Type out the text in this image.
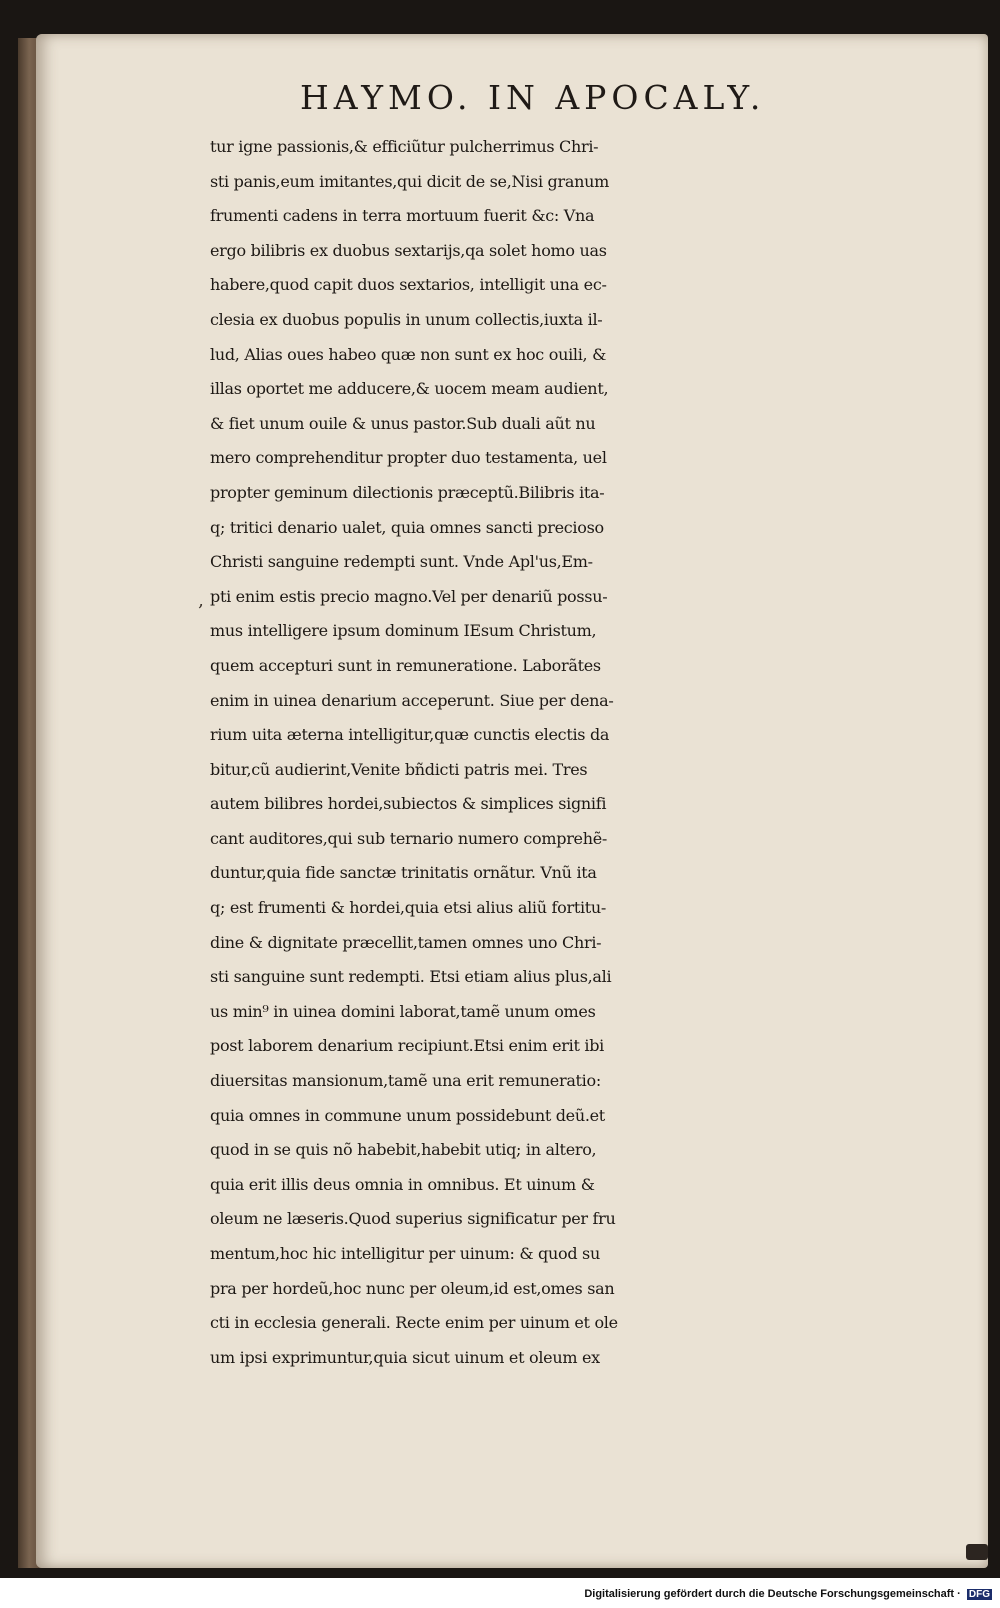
HAYMO. IN APOCALY.
‚
tur igne passionis,& efficiũtur pulcherrimus Chri‑
sti panis,eum imitantes,qui dicit de se,Nisi granum
frumenti cadens in terra mortuum fuerit &c: Vna
ergo bilibris ex duobus sextarijs,qa solet homo uas
habere,quod capit duos sextarios, intelligit una ec‑
clesia ex duobus populis in unum collectis,iuxta il‑
lud, Alias oues habeo quæ non sunt ex hoc ouili, &
illas oportet me adducere,& uocem meam audient,
& fiet unum ouile & unus pastor.Sub duali aũt nu
mero comprehenditur propter duo testamenta, uel
propter geminum dilectionis præceptũ.Bilibris ita‑
q; tritici denario ualet, quia omnes sancti precioso
Christi sanguine redempti sunt. Vnde Apl'us,Em‑
pti enim estis precio magno.Vel per denariũ possu‑
mus intelligere ipsum dominum IEsum Christum,
quem accepturi sunt in remuneratione. Laborãtes
enim in uinea denarium acceperunt. Siue per dena‑
rium uita æterna intelligitur,quæ cunctis electis da
bitur,cũ audierint,Venite bñdicti patris mei. Tres
autem bilibres hordei,subiectos & simplices signifi
cant auditores,qui sub ternario numero comprehẽ‑
duntur,quia fide sanctæ trinitatis ornãtur. Vnũ ita
q; est frumenti & hordei,quia etsi alius aliũ fortitu‑
dine & dignitate præcellit,tamen omnes uno Chri‑
sti sanguine sunt redempti. Etsi etiam alius plus,ali
us min⁹ in uinea domini laborat,tamẽ unum omes
post laborem denarium recipiunt.Etsi enim erit ibi
diuersitas mansionum,tamẽ una erit remuneratio:
quia omnes in commune unum possidebunt deũ.et
quod in se quis nõ habebit,habebit utiq; in altero,
quia erit illis deus omnia in omnibus. Et uinum &
oleum ne læseris.Quod superius significatur per fru
mentum,hoc hic intelligitur per uinum: & quod su
pra per hordeũ,hoc nunc per oleum,id est,omes san
cti in ecclesia generali. Recte enim per uinum et ole
um ipsi exprimuntur,quia sicut uinum et oleum ex
Digitalisierung gefördert durch die Deutsche Forschungsgemeinschaft · DFG
